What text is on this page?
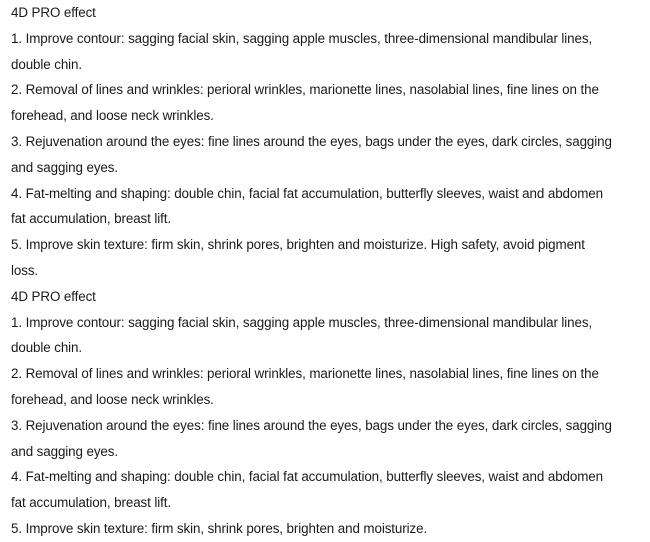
4D PRO effect
1. Improve contour: sagging facial skin, sagging apple muscles, three-dimensional mandibular lines,
double chin.
2. Removal of lines and wrinkles: perioral wrinkles, marionette lines, nasolabial lines, fine lines on the
forehead, and loose neck wrinkles.
3. Rejuvenation around the eyes: fine lines around the eyes, bags under the eyes, dark circles, sagging
and sagging eyes.
4. Fat-melting and shaping: double chin, facial fat accumulation, butterfly sleeves, waist and abdomen
fat accumulation, breast lift.
5. Improve skin texture: firm skin, shrink pores, brighten and moisturize. High safety, avoid pigment
loss.
4D PRO effect
1. Improve contour: sagging facial skin, sagging apple muscles, three-dimensional mandibular lines,
double chin.
2. Removal of lines and wrinkles: perioral wrinkles, marionette lines, nasolabial lines, fine lines on the
forehead, and loose neck wrinkles.
3. Rejuvenation around the eyes: fine lines around the eyes, bags under the eyes, dark circles, sagging
and sagging eyes.
4. Fat-melting and shaping: double chin, facial fat accumulation, butterfly sleeves, waist and abdomen
fat accumulation, breast lift.
5. Improve skin texture: firm skin, shrink pores, brighten and moisturize.
